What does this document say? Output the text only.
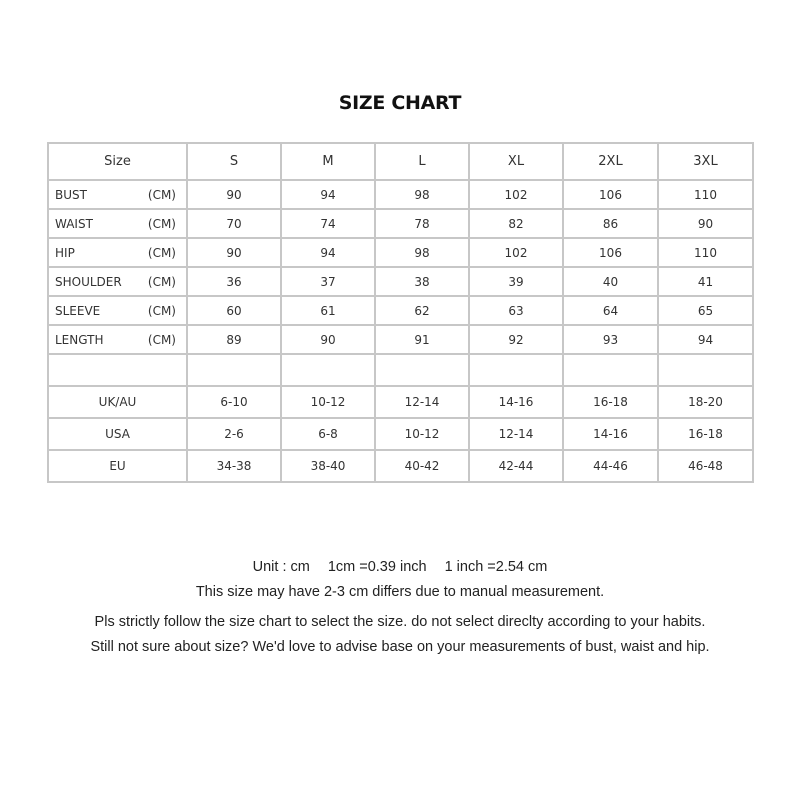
SIZE CHART
Size	S	M	L	XL	2XL	3XL

BUST (CM)	90	94	98	102	106	110

WAIST (CM)	70	74	78	82	86	90

HIP (CM)	90	94	98	102	106	110

SHOULDER (CM)	36	37	38	39	40	41

SLEEVE (CM)	60	61	62	63	64	65

LENGTH (CM)	89	90	91	92	93	94

UK/AU	6-10	10-12	12-14	14-16	16-18	18-20
USA	2-6	6-8	10-12	12-14	14-16	16-18
EU	34-38	38-40	40-42	42-44	44-46	46-48
Unit : cm 1cm =0.39 inch 1 inch =2.54 cm
This size may have 2-3 cm differs due to manual measurement.
Pls strictly follow the size chart to select the size. do not select direclty according to your habits.
Still not sure about size? We'd love to advise base on your measurements of bust, waist and hip.
